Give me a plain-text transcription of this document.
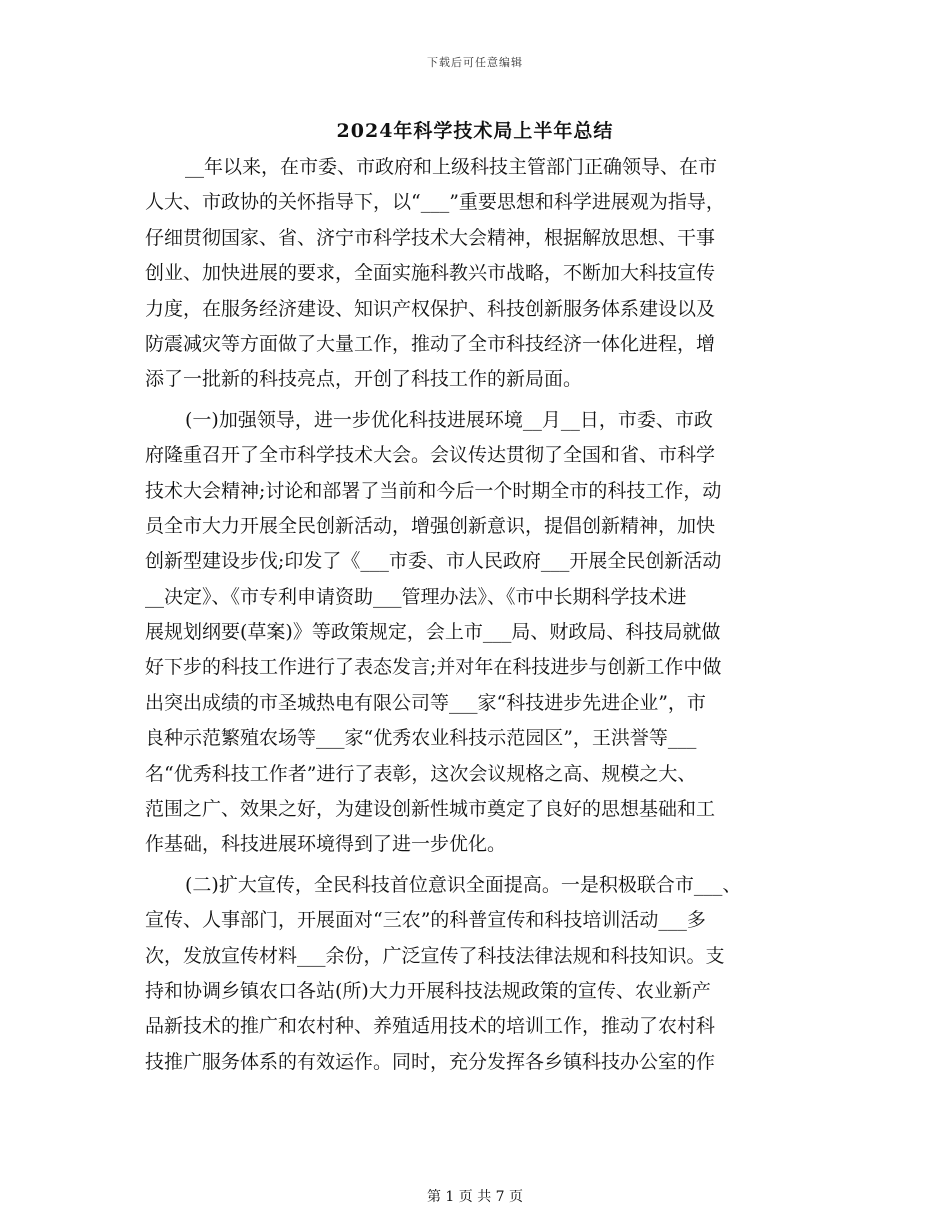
下载后可任意编辑
2024年科学技术局上半年总结
__年以来，在市委、市政府和上级科技主管部门正确领导、在市
人大、市政协的关怀指导下，以“___”重要思想和科学进展观为指导，
仔细贯彻国家、省、济宁市科学技术大会精神，根据解放思想、干事
创业、加快进展的要求，全面实施科教兴市战略，不断加大科技宣传
力度，在服务经济建设、知识产权保护、科技创新服务体系建设以及
防震减灾等方面做了大量工作，推动了全市科技经济一体化进程，增
添了一批新的科技亮点，开创了科技工作的新局面。
(一)加强领导，进一步优化科技进展环境__月__日，市委、市政
府隆重召开了全市科学技术大会。会议传达贯彻了全国和省、市科学
技术大会精神;讨论和部署了当前和今后一个时期全市的科技工作，动
员全市大力开展全民创新活动，增强创新意识，提倡创新精神，加快
创新型建设步伐;印发了《___市委、市人民政府___开展全民创新活动
__决定》、《市专利申请资助___管理办法》、《市中长期科学技术进
展规划纲要(草案)》等政策规定，会上市___局、财政局、科技局就做
好下步的科技工作进行了表态发言;并对年在科技进步与创新工作中做
出突出成绩的市圣城热电有限公司等___家“科技进步先进企业”，市
良种示范繁殖农场等___家“优秀农业科技示范园区”，王洪誉等___
名“优秀科技工作者”进行了表彰，这次会议规格之高、规模之大、
范围之广、效果之好，为建设创新性城市奠定了良好的思想基础和工
作基础，科技进展环境得到了进一步优化。
(二)扩大宣传，全民科技首位意识全面提高。一是积极联合市___、
宣传、人事部门，开展面对“三农”的科普宣传和科技培训活动___多
次，发放宣传材料___余份，广泛宣传了科技法律法规和科技知识。支
持和协调乡镇农口各站(所)大力开展科技法规政策的宣传、农业新产
品新技术的推广和农村种、养殖适用技术的培训工作，推动了农村科
技推广服务体系的有效运作。同时，充分发挥各乡镇科技办公室的作
第 1 页 共 7 页
